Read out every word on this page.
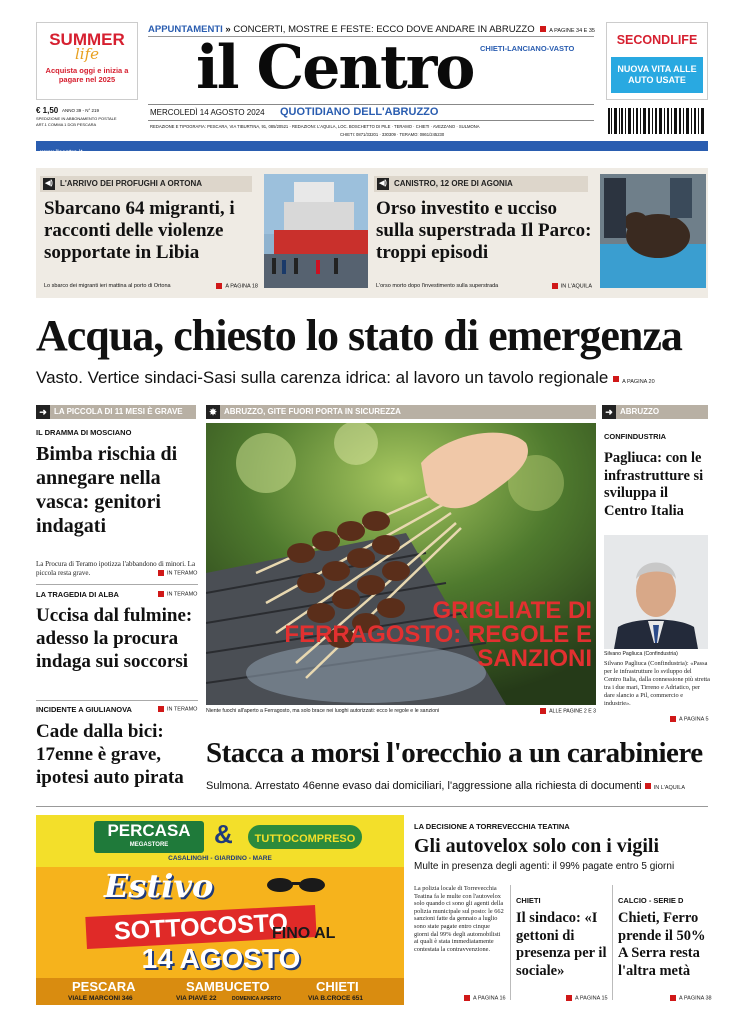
SUMMER
life
Acquista oggi e inizia a pagare nel 2025
APPUNTAMENTI » CONCERTI, MOSTRE E FESTE: ECCO DOVE ANDARE IN ABRUZZO	A PAGINE 34 E 35
il Centro CHIETI-LANCIANO-VASTO
SECONDLIFE
NUOVA VITA ALLE AUTO USATE
€ 1,50 ANNO 39 - N° 219
SPEDIZIONE IN ABBONAMENTO POSTALE
ART.1 COMMA 1 DCB PESCARA
MERCOLEDÌ 14 AGOSTO 2024 QUOTIDIANO DELL'ABRUZZO
REDAZIONE E TIPOGRAFIA: PESCARA, VIA TIBURTINA, 91, 085/20521 · REDAZIONI: L'AQUILA, LOC. BOSCHETTO DI PILE · TERAMO · CHIETI · AVEZZANO · SULMONA
CHIETI: 0871/33201 · 330309 · TERAMO: 0861/245230
www.ilcentro.it
◀) L'ARRIVO DEI PROFUGHI A ORTONA
Sbarcano 64 migranti, i racconti delle violenze sopportate in Libia
Lo sbarco dei migranti ieri mattina al porto di Ortona	A PAGINA 18
◀) CANISTRO, 12 ORE DI AGONIA
Orso investito e ucciso sulla superstrada Il Parco: troppi episodi
L'orso morto dopo l'investimento sulla superstrada	IN L'AQUILA
Acqua, chiesto lo stato di emergenza
Vasto. Vertice sindaci-Sasi sulla carenza idrica: al lavoro un tavolo regionale A PAGINA 20
➜ LA PICCOLA DI 11 MESI È GRAVE
IL DRAMMA DI MOSCIANO
Bimba rischia di annegare nella vasca: genitori indagati
La Procura di Teramo ipotizza l'abbandono di minori. La piccola resta grave.	IN TERAMO
LA TRAGEDIA DI ALBA	IN TERAMO
Uccisa dal fulmine: adesso la procura indaga sui soccorsi
INCIDENTE A GIULIANOVA	IN TERAMO
Cade dalla bici: 17enne è grave, ipotesi auto pirata
✸ ABRUZZO, GITE FUORI PORTA IN SICUREZZA
GRIGLIATE DI FERRAGOSTO: REGOLE E SANZIONI
Niente fuochi all'aperto a Ferragosto, ma solo brace nei luoghi autorizzati: ecco le regole e le sanzioni	ALLE PAGINE 2 E 3
➜ ABRUZZO
CONFINDUSTRIA
Pagliuca: con le infrastrutture si sviluppa il Centro Italia
Silvano Pagliuca (Confindustria)
Silvano Pagliuca (Confindustria): «Passa per le infrastrutture lo sviluppo del Centro Italia, dalla connessione più stretta tra i due mari, Tirreno e Adriatico, per dare slancio a Pil, commercio e industrie».
A PAGINA 5
Stacca a morsi l'orecchio a un carabiniere
Sulmona. Arrestato 46enne evaso dai domiciliari, l'aggressione alla richiesta di documenti IN L'AQUILA
PERCASA
MEGASTORE	&	TUTTOCOMPRESO
CASALINGHI - GIARDINO - MARE
Estivo
SOTTOCOSTO
FINO AL
14 AGOSTO
PESCARA	SAMBUCETO	CHIETI
VIALE MARCONI 346	VIA PIAVE 22	DOMENICA APERTO	VIA B.CROCE 651
LA DECISIONE A TORREVECCHIA TEATINA
Gli autovelox solo con i vigili
Multe in presenza degli agenti: il 99% pagate entro 5 giorni
La polizia locale di Torrevecchia Teatina fa le multe con l'autovelox solo quando ci sono gli agenti della polizia municipale sul posto: le 662 sanzioni fatte da gennaio a luglio sono state pagate entro cinque giorni dal 99% degli automobilisti ai quali è stata immediatamente contestata la contravvenzione.
A PAGINA 16
CHIETI
Il sindaco: «I gettoni di presenza per il sociale»
A PAGINA 15
CALCIO - SERIE D
Chieti, Ferro prende il 50% A Serra resta l'altra metà
A PAGINA 38
